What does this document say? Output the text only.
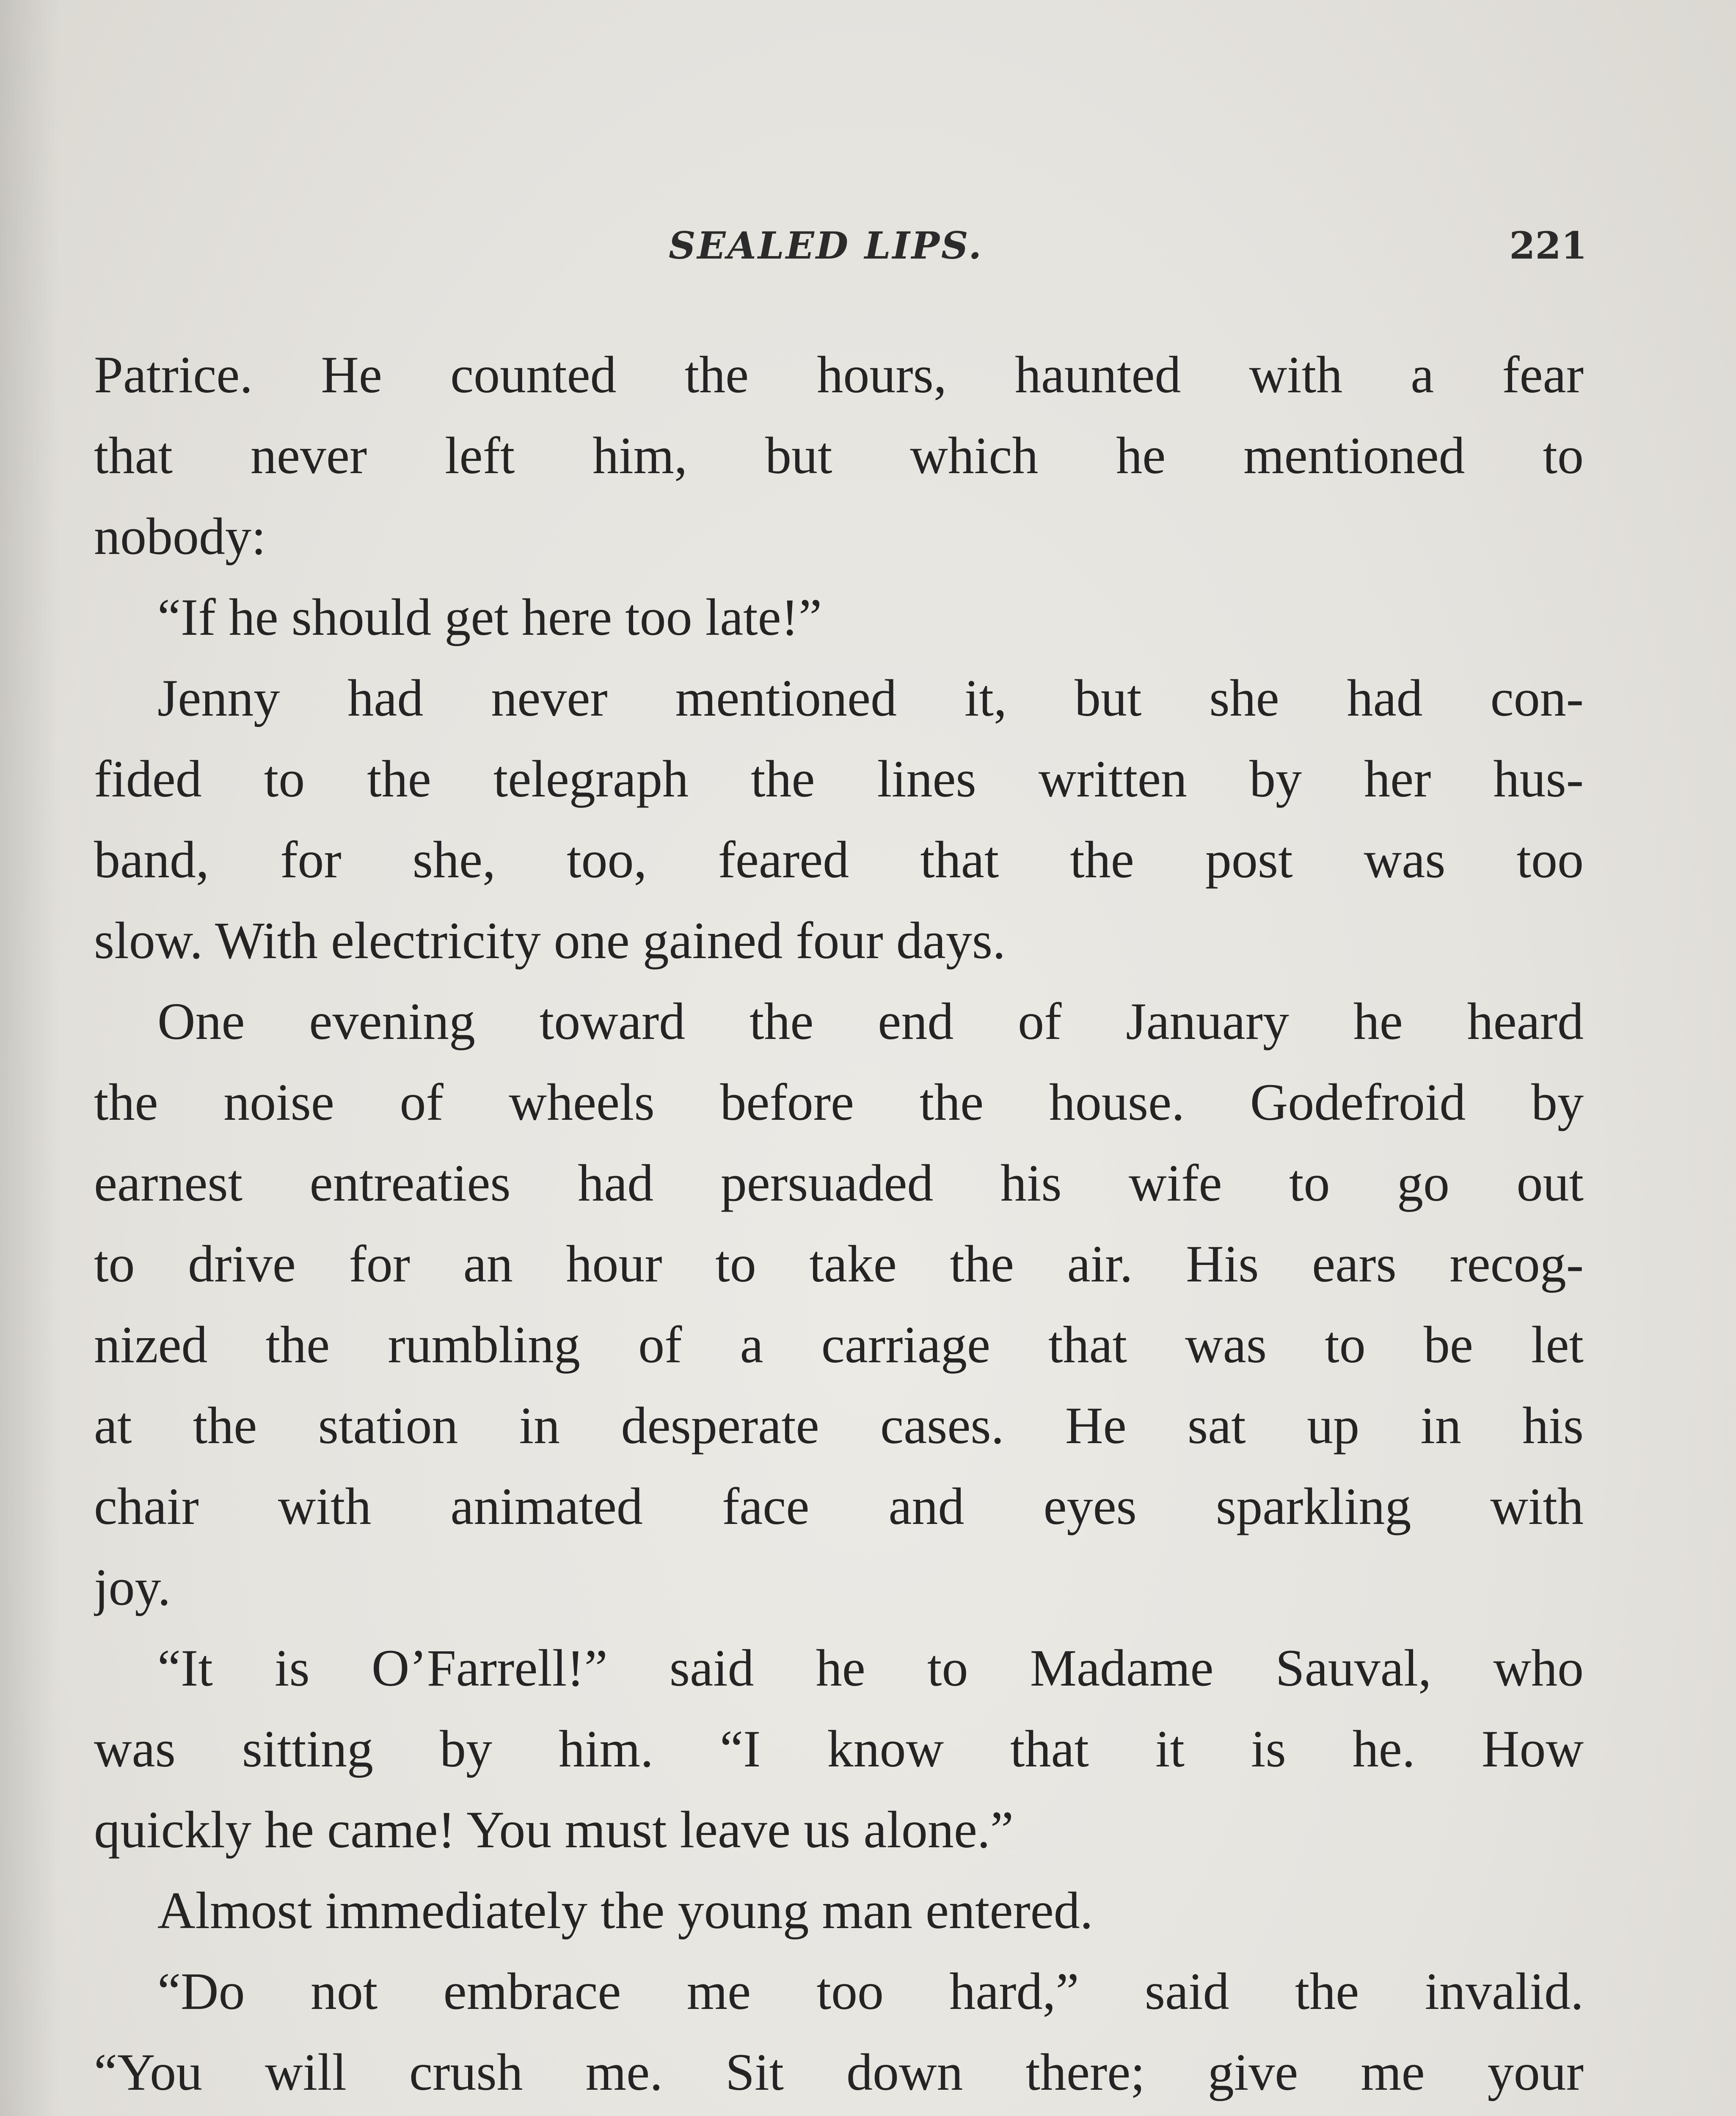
SEALED LIPS.	221
Patrice. He counted the hours, haunted with a fear
that never left him, but which he mentioned to
nobody:
“If he should get here too late!”
Jenny had never mentioned it, but she had con-
fided to the telegraph the lines written by her hus-
band, for she, too, feared that the post was too
slow. With electricity one gained four days.
One evening toward the end of January he heard
the noise of wheels before the house. Godefroid by
earnest entreaties had persuaded his wife to go out
to drive for an hour to take the air. His ears recog-
nized the rumbling of a carriage that was to be let
at the station in desperate cases. He sat up in his
chair with animated face and eyes sparkling with
joy.
“It is O’Farrell!” said he to Madame Sauval, who
was sitting by him. “I know that it is he. How
quickly he came! You must leave us alone.”
Almost immediately the young man entered.
“Do not embrace me too hard,” said the invalid.
“You will crush me. Sit down there; give me your
